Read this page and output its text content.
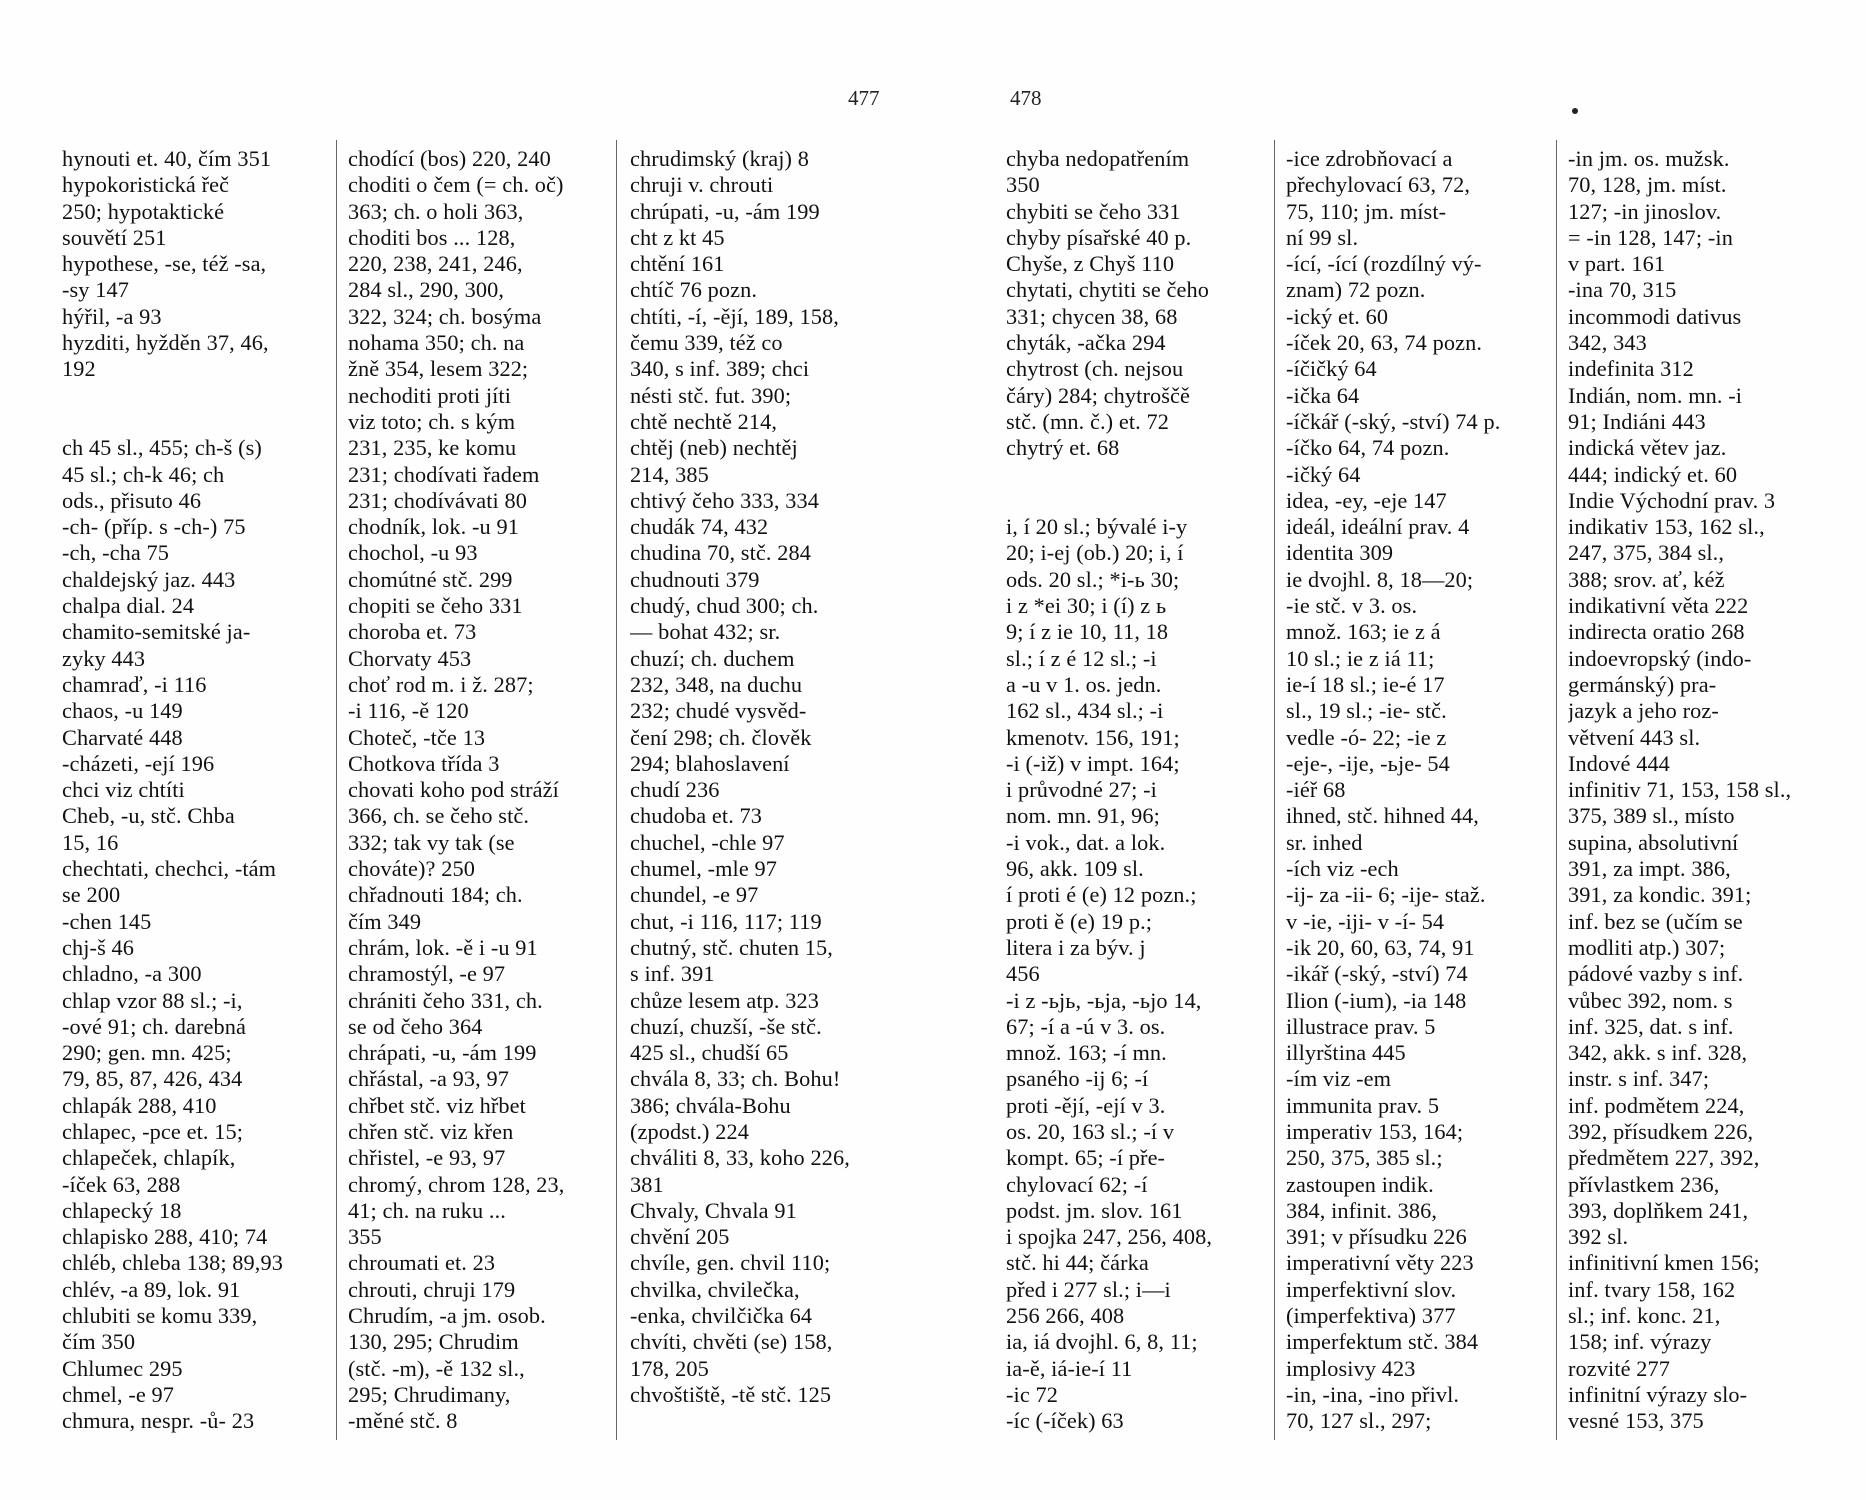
477
hynouti et. 40, čím 351
hypokoristická řeč
250; hypotaktické
souvětí 251
hypothese, -se, též -sa,
-sy 147
hýřil, -a 93
hyzditi, hyžděn 37, 46,
192
ch 45 sl., 455; ch-š (s)
45 sl.; ch-k 46; ch
ods., přisuto 46
-ch- (příp. s -ch-) 75
-ch, -cha 75
chaldejský jaz. 443
chalpa dial. 24
chamito-semitské ja-
zyky 443
chamraď, -i 116
chaos, -u 149
Charvaté 448
-cházeti, -ejí 196
chci viz chtíti
Cheb, -u, stč. Chba
15, 16
chechtati, chechci, -tám
se 200
-chen 145
chj-š 46
chladno, -a 300
chlap vzor 88 sl.; -i,
-ové 91; ch. darebná
290; gen. mn. 425;
79, 85, 87, 426, 434
chlapák 288, 410
chlapec, -pce et. 15;
chlapeček, chlapík,
-íček 63, 288
chlapecký 18
chlapisko 288, 410; 74
chléb, chleba 138; 89,93
chlév, -a 89, lok. 91
chlubiti se komu 339,
čím 350
Chlumec 295
chmel, -e 97
chmura, nespr. -ů- 23
chodící (bos) 220, 240
choditi o čem (= ch. oč)
363; ch. o holi 363,
choditi bos ... 128,
220, 238, 241, 246,
284 sl., 290, 300,
322, 324; ch. bosýma
nohama 350; ch. na
žně 354, lesem 322;
nechoditi proti jíti
viz toto; ch. s kým
231, 235, ke komu
231; chodívati řadem
231; chodívávati 80
chodník, lok. -u 91
chochol, -u 93
chomútné stč. 299
chopiti se čeho 331
choroba et. 73
Chorvaty 453
choť rod m. i ž. 287;
-i 116, -ě 120
Choteč, -tče 13
Chotkova třída 3
chovati koho pod stráží
366, ch. se čeho stč.
332; tak vy tak (se
chováte)? 250
chřadnouti 184; ch.
čím 349
chrám, lok. -ě i -u 91
chramostýl, -e 97
chrániti čeho 331, ch.
se od čeho 364
chrápati, -u, -ám 199
chřástal, -a 93, 97
chřbet stč. viz hřbet
chřen stč. viz křen
chřistel, -e 93, 97
chromý, chrom 128, 23,
41; ch. na ruku ...
355
chroumati et. 23
chrouti, chruji 179
Chrudím, -a jm. osob.
130, 295; Chrudim
(stč. -m), -ě 132 sl.,
295; Chrudimany,
-měné stč. 8
chrudimský (kraj) 8
chruji v. chrouti
chrúpati, -u, -ám 199
cht z kt 45
chtění 161
chtíč 76 pozn.
chtíti, -í, -ějí, 189, 158,
čemu 339, též co
340, s inf. 389; chci
nésti stč. fut. 390;
chtě nechtě 214,
chtěj (neb) nechtěj
214, 385
chtivý čeho 333, 334
chudák 74, 432
chudina 70, stč. 284
chudnouti 379
chudý, chud 300; ch.
— bohat 432; sr.
chuzí; ch. duchem
232, 348, na duchu
232; chudé vysvěd-
čení 298; ch. člověk
294; blahoslavení
chudí 236
chudoba et. 73
chuchel, -chle 97
chumel, -mle 97
chundel, -e 97
chut, -i 116, 117; 119
chutný, stč. chuten 15,
s inf. 391
chůze lesem atp. 323
chuzí, chuzší, -še stč.
425 sl., chudší 65
chvála 8, 33; ch. Bohu!
386; chvála-Bohu
(zpodst.) 224
chváliti 8, 33, koho 226,
381
Chvaly, Chvala 91
chvění 205
chvíle, gen. chvil 110;
chvilka, chvilečka,
-enka, chvilčička 64
chvíti, chvěti (se) 158,
178, 205
chvoštiště, -tě stč. 125
478
chyba nedopatřením
350
chybiti se čeho 331
chyby písařské 40 p.
Chyše, z Chyš 110
chytati, chytiti se čeho
331; chycen 38, 68
chyták, -ačka 294
chytrost (ch. nejsou
čáry) 284; chytroščě
stč. (mn. č.) et. 72
chytrý et. 68
i, í 20 sl.; bývalé i-y
20; i-ej (ob.) 20; i, í
ods. 20 sl.; *i-ь 30;
i z *ei 30; i (í) z ь
9; í z ie 10, 11, 18
sl.; í z é 12 sl.; -i
a -u v 1. os. jedn.
162 sl., 434 sl.; -i
kmenotv. 156, 191;
-i (-iž) v impt. 164;
i průvodné 27; -i
nom. mn. 91, 96;
-i vok., dat. a lok.
96, akk. 109 sl.
í proti é (e) 12 pozn.;
proti ě (e) 19 p.;
litera i za býv. j
456
-i z -ьjь, -ьja, -ьjo 14,
67; -í a -ú v 3. os.
množ. 163; -í mn.
psaného -ij 6; -í
proti -ějí, -ejí v 3.
os. 20, 163 sl.; -í v
kompt. 65; -í pře-
chylovací 62; -í
podst. jm. slov. 161
i spojka 247, 256, 408,
stč. hi 44; čárka
před i 277 sl.; i—i
256 266, 408
ia, iá dvojhl. 6, 8, 11;
ia-ě, iá-ie-í 11
-ic 72
-íc (-íček) 63
-ice zdrobňovací a
přechylovací 63, 72,
75, 110; jm. míst-
ní 99 sl.
-ící, -ící (rozdílný vý-
znam) 72 pozn.
-ický et. 60
-íček 20, 63, 74 pozn.
-íčičký 64
-ička 64
-íčkář (-ský, -ství) 74 p.
-íčko 64, 74 pozn.
-ičký 64
idea, -ey, -eje 147
ideál, ideální prav. 4
identita 309
ie dvojhl. 8, 18—20;
-ie stč. v 3. os.
množ. 163; ie z á
10 sl.; ie z iá 11;
ie-í 18 sl.; ie-é 17
sl., 19 sl.; -ie- stč.
vedle -ó- 22; -ie z
-eje-, -ije, -ьje- 54
-iéř 68
ihned, stč. hihned 44,
sr. inhed
-ích viz -ech
-ij- za -ii- 6; -ije- staž.
v -ie, -iji- v -í- 54
-ik 20, 60, 63, 74, 91
-ikář (-ský, -ství) 74
Ilion (-ium), -ia 148
illustrace prav. 5
illyrština 445
-ím viz -em
immunita prav. 5
imperativ 153, 164;
250, 375, 385 sl.;
zastoupen indik.
384, infinit. 386,
391; v přísudku 226
imperativní věty 223
imperfektivní slov.
(imperfektiva) 377
imperfektum stč. 384
implosivy 423
-in, -ina, -ino přivl.
70, 127 sl., 297;
-in jm. os. mužsk.
70, 128, jm. míst.
127; -in jinoslov.
= -in 128, 147; -in
v part. 161
-ina 70, 315
incommodi dativus
342, 343
indefinita 312
Indián, nom. mn. -i
91; Indiáni 443
indická větev jaz.
444; indický et. 60
Indie Východní prav. 3
indikativ 153, 162 sl.,
247, 375, 384 sl.,
388; srov. ať, kéž
indikativní věta 222
indirecta oratio 268
indoevropský (indo-
germánský) pra-
jazyk a jeho roz-
větvení 443 sl.
Indové 444
infinitiv 71, 153, 158 sl.,
375, 389 sl., místo
supina, absolutivní
391, za impt. 386,
391, za kondic. 391;
inf. bez se (učím se
modliti atp.) 307;
pádové vazby s inf.
vůbec 392, nom. s
inf. 325, dat. s inf.
342, akk. s inf. 328,
instr. s inf. 347;
inf. podmětem 224,
392, přísudkem 226,
předmětem 227, 392,
přívlastkem 236,
393, doplňkem 241,
392 sl.
infinitivní kmen 156;
inf. tvary 158, 162
sl.; inf. konc. 21,
158; inf. výrazy
rozvité 277
infinitní výrazy slo-
vesné 153, 375
